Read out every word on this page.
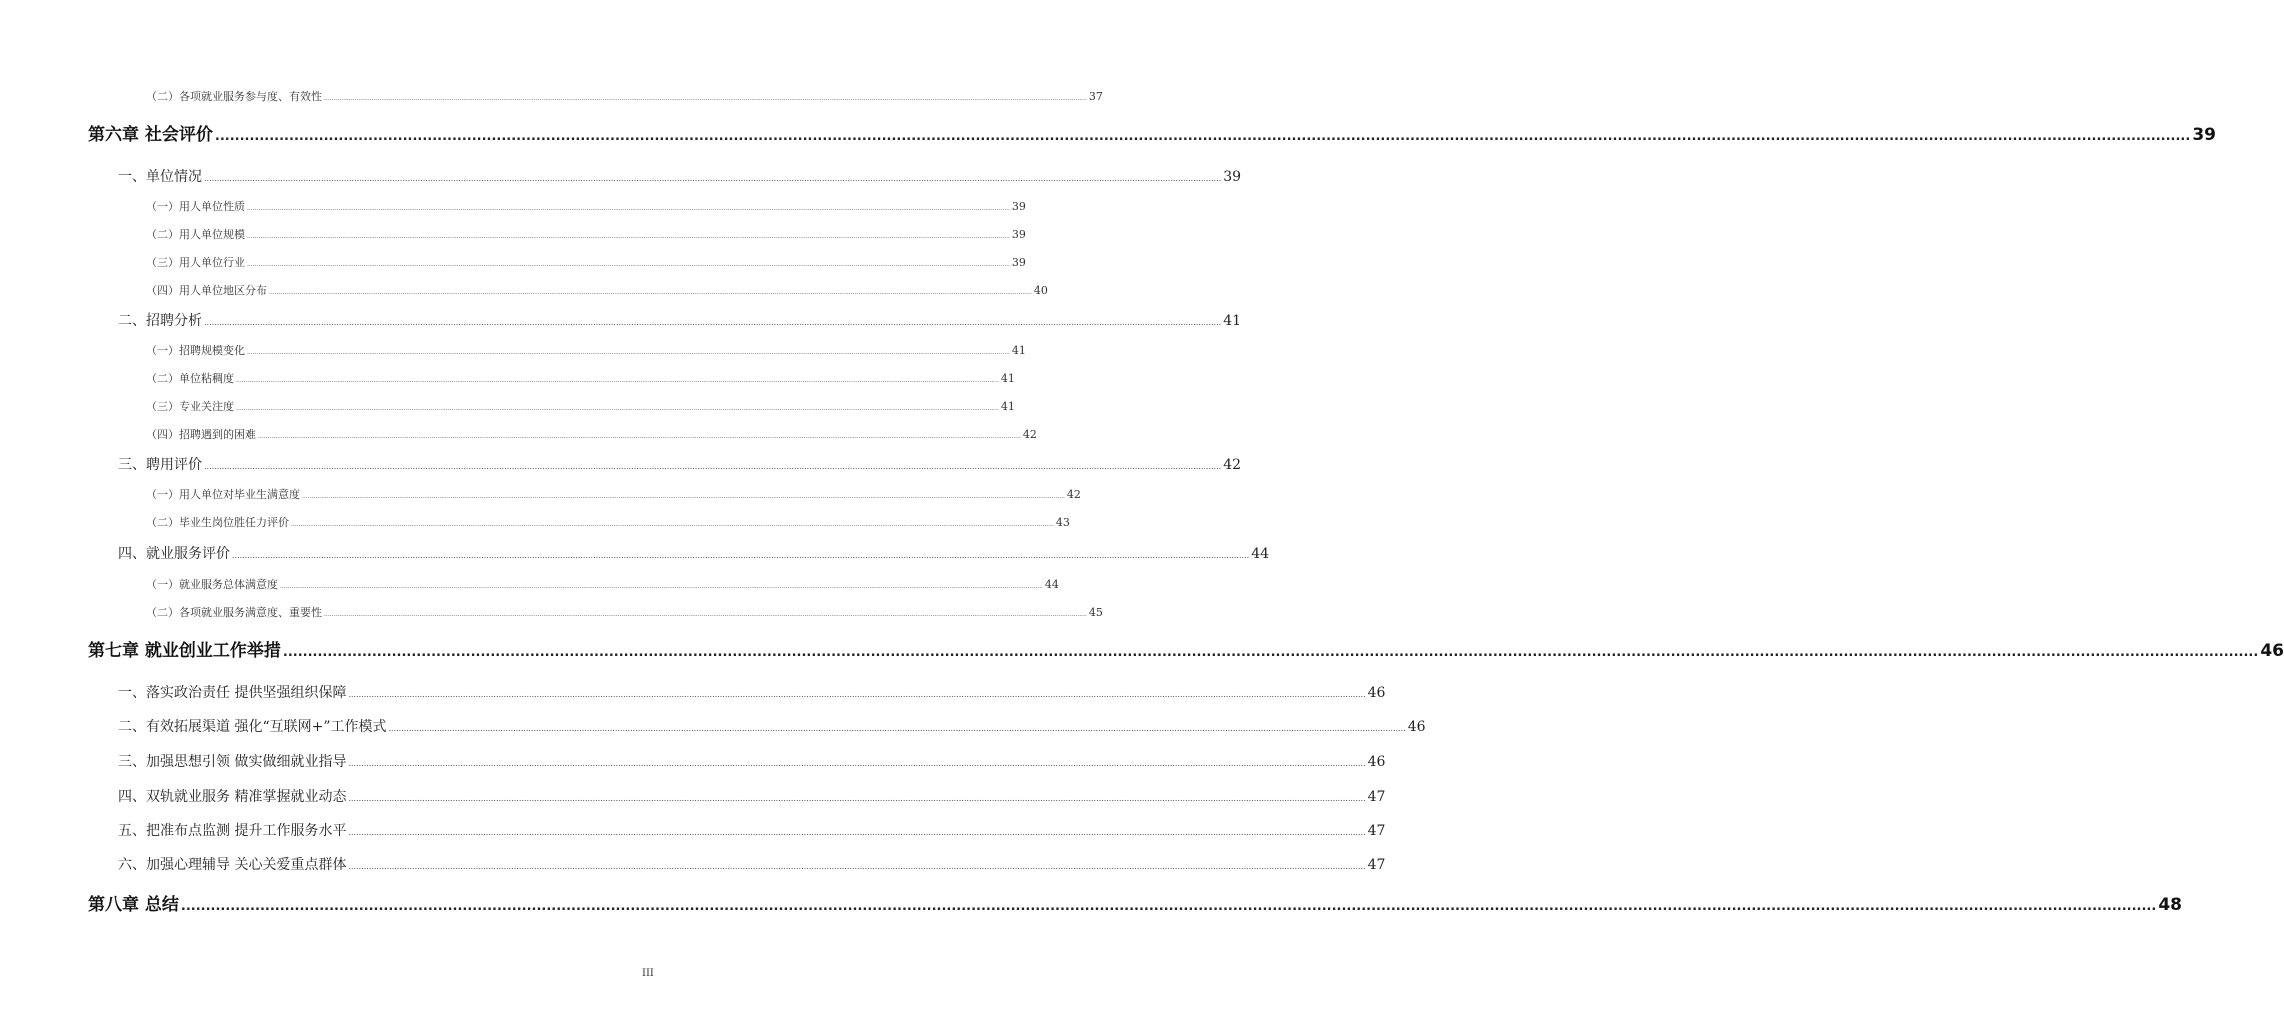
（二）各项就业服务参与度、有效性 ................................................................................................................................................................................................................................................................................................................................................................................................................ 37
第六章 社会评价 ................................................................................................................................................................................................................................................................................................................................................................................................................ 39
一、单位情况 ................................................................................................................................................................................................................................................................................................................................................................................................................ 39
（一）用人单位性质 ................................................................................................................................................................................................................................................................................................................................................................................................................ 39
（二）用人单位规模 ................................................................................................................................................................................................................................................................................................................................................................................................................ 39
（三）用人单位行业 ................................................................................................................................................................................................................................................................................................................................................................................................................ 39
（四）用人单位地区分布 ................................................................................................................................................................................................................................................................................................................................................................................................................ 40
二、招聘分析 ................................................................................................................................................................................................................................................................................................................................................................................................................ 41
（一）招聘规模变化 ................................................................................................................................................................................................................................................................................................................................................................................................................ 41
（二）单位粘稠度 ................................................................................................................................................................................................................................................................................................................................................................................................................ 41
（三）专业关注度 ................................................................................................................................................................................................................................................................................................................................................................................................................ 41
（四）招聘遇到的困难 ................................................................................................................................................................................................................................................................................................................................................................................................................ 42
三、聘用评价 ................................................................................................................................................................................................................................................................................................................................................................................................................ 42
（一）用人单位对毕业生满意度 ................................................................................................................................................................................................................................................................................................................................................................................................................ 42
（二）毕业生岗位胜任力评价 ................................................................................................................................................................................................................................................................................................................................................................................................................ 43
四、就业服务评价 ................................................................................................................................................................................................................................................................................................................................................................................................................ 44
（一）就业服务总体满意度 ................................................................................................................................................................................................................................................................................................................................................................................................................ 44
（二）各项就业服务满意度、重要性 ................................................................................................................................................................................................................................................................................................................................................................................................................ 45
第七章 就业创业工作举措 ................................................................................................................................................................................................................................................................................................................................................................................................................ 46
一、落实政治责任 提供坚强组织保障 ................................................................................................................................................................................................................................................................................................................................................................................................................ 46
二、有效拓展渠道 强化“互联网+”工作模式 ................................................................................................................................................................................................................................................................................................................................................................................................................ 46
三、加强思想引领 做实做细就业指导 ................................................................................................................................................................................................................................................................................................................................................................................................................ 46
四、双轨就业服务 精准掌握就业动态 ................................................................................................................................................................................................................................................................................................................................................................................................................ 47
五、把准布点监测 提升工作服务水平 ................................................................................................................................................................................................................................................................................................................................................................................................................ 47
六、加强心理辅导 关心关爱重点群体 ................................................................................................................................................................................................................................................................................................................................................................................................................ 47
第八章 总结 ................................................................................................................................................................................................................................................................................................................................................................................................................ 48
III
